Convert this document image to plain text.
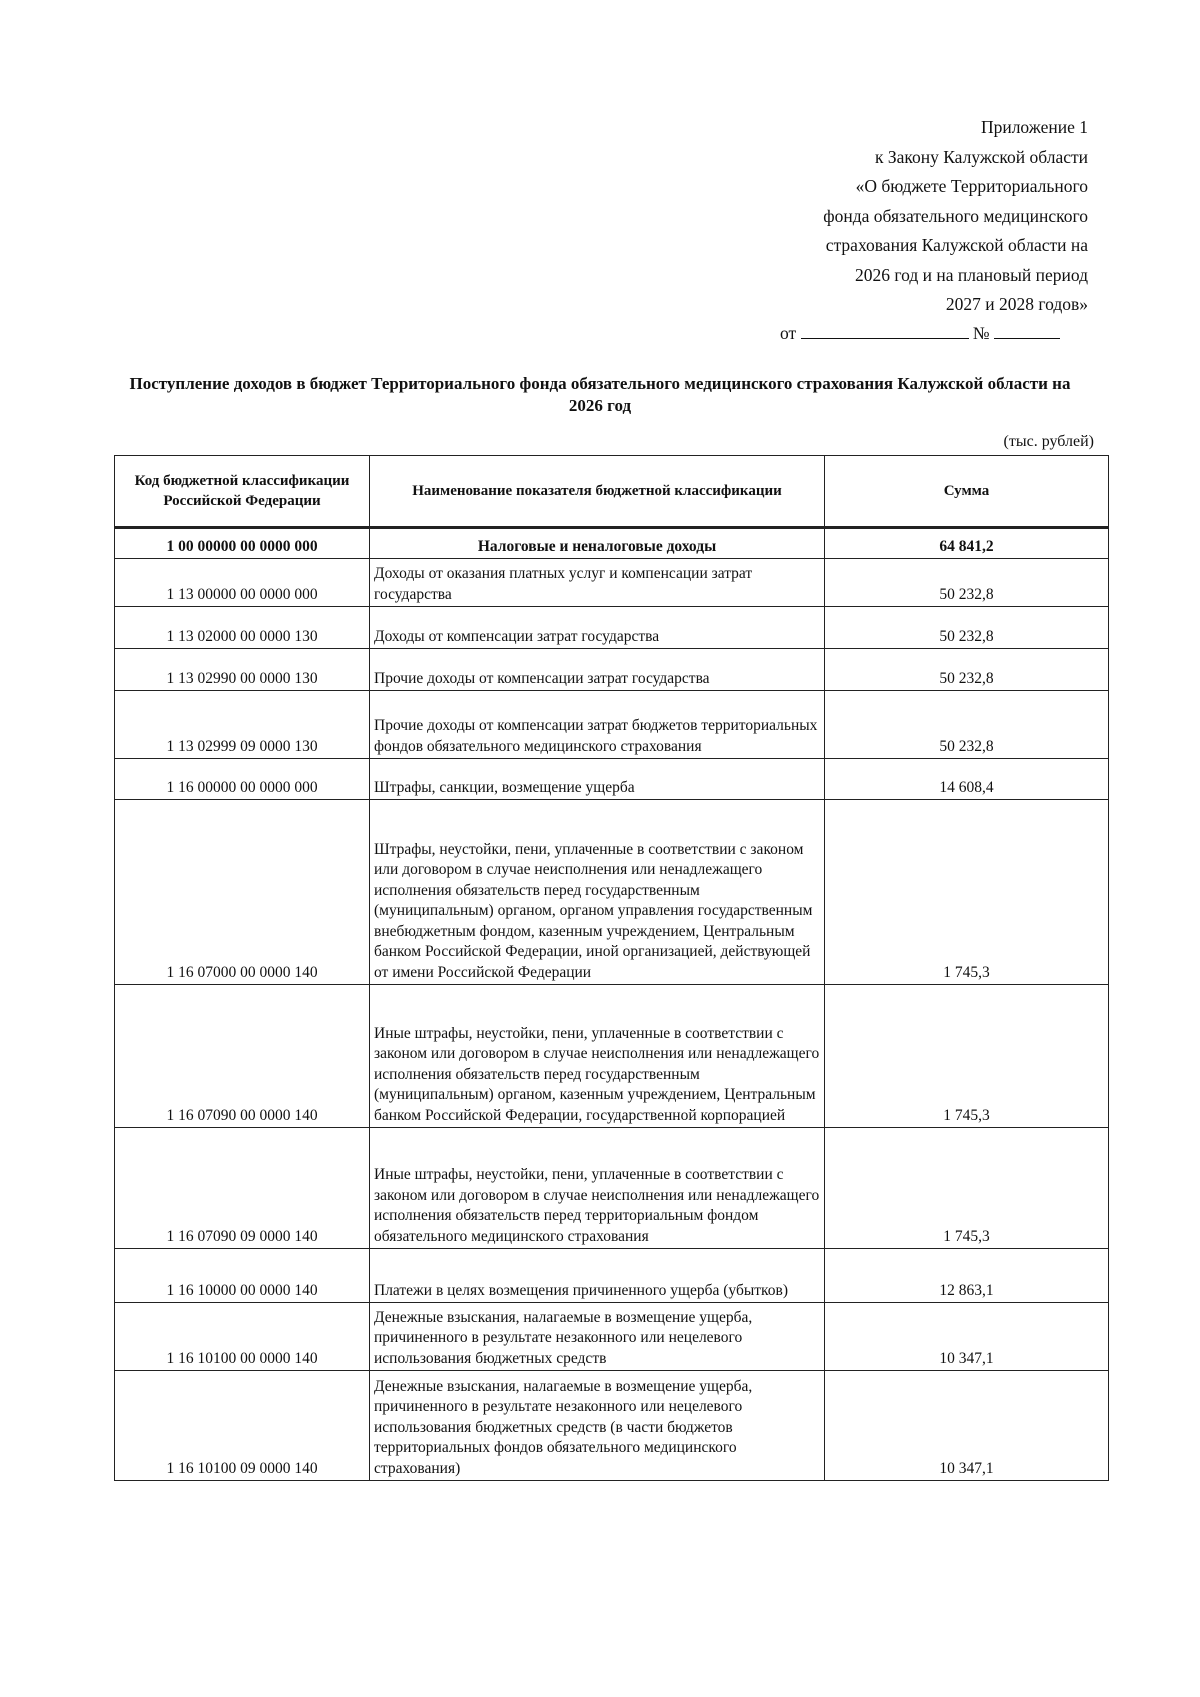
Приложение 1
к Закону Калужской области
«О бюджете Территориального
фонда обязательного медицинского
страхования Калужской области на
2026 год и на плановый период
2027 и 2028 годов»
от	№
Поступление доходов в бюджет Территориального фонда обязательного медицинского страхования Калужской области на 2026 год
(тыс. рублей)
Код бюджетной классификации Российской Федерации	Наименование показателя бюджетной классификации	Сумма
1 00 00000 00 0000 000	Налоговые и неналоговые доходы	64 841,2
1 13 00000 00 0000 000	Доходы от оказания платных услуг и компенсации затрат государства	50 232,8
1 13 02000 00 0000 130	Доходы от компенсации затрат государства	50 232,8
1 13 02990 00 0000 130	Прочие доходы от компенсации затрат государства	50 232,8
1 13 02999 09 0000 130	Прочие доходы от компенсации затрат бюджетов территориальных фондов обязательного медицинского страхования	50 232,8
1 16 00000 00 0000 000	Штрафы, санкции, возмещение ущерба	14 608,4
1 16 07000 00 0000 140	Штрафы, неустойки, пени, уплаченные в соответствии с законом или договором в случае неисполнения или ненадлежащего исполнения обязательств перед государственным (муниципальным) органом, органом управления государственным внебюджетным фондом, казенным учреждением, Центральным банком Российской Федерации, иной организацией, действующей от имени Российской Федерации	1 745,3
1 16 07090 00 0000 140	Иные штрафы, неустойки, пени, уплаченные в соответствии с законом или договором в случае неисполнения или ненадлежащего исполнения обязательств перед государственным (муниципальным) органом, казенным учреждением, Центральным банком Российской Федерации, государственной корпорацией	1 745,3
1 16 07090 09 0000 140	Иные штрафы, неустойки, пени, уплаченные в соответствии с законом или договором в случае неисполнения или ненадлежащего исполнения обязательств перед территориальным фондом обязательного медицинского страхования	1 745,3
1 16 10000 00 0000 140	Платежи в целях возмещения причиненного ущерба (убытков)	12 863,1
1 16 10100 00 0000 140	Денежные взыскания, налагаемые в возмещение ущерба, причиненного в результате незаконного или нецелевого использования бюджетных средств	10 347,1
1 16 10100 09 0000 140	Денежные взыскания, налагаемые в возмещение ущерба, причиненного в результате незаконного или нецелевого использования бюджетных средств (в части бюджетов территориальных фондов обязательного медицинского страхования)	10 347,1
